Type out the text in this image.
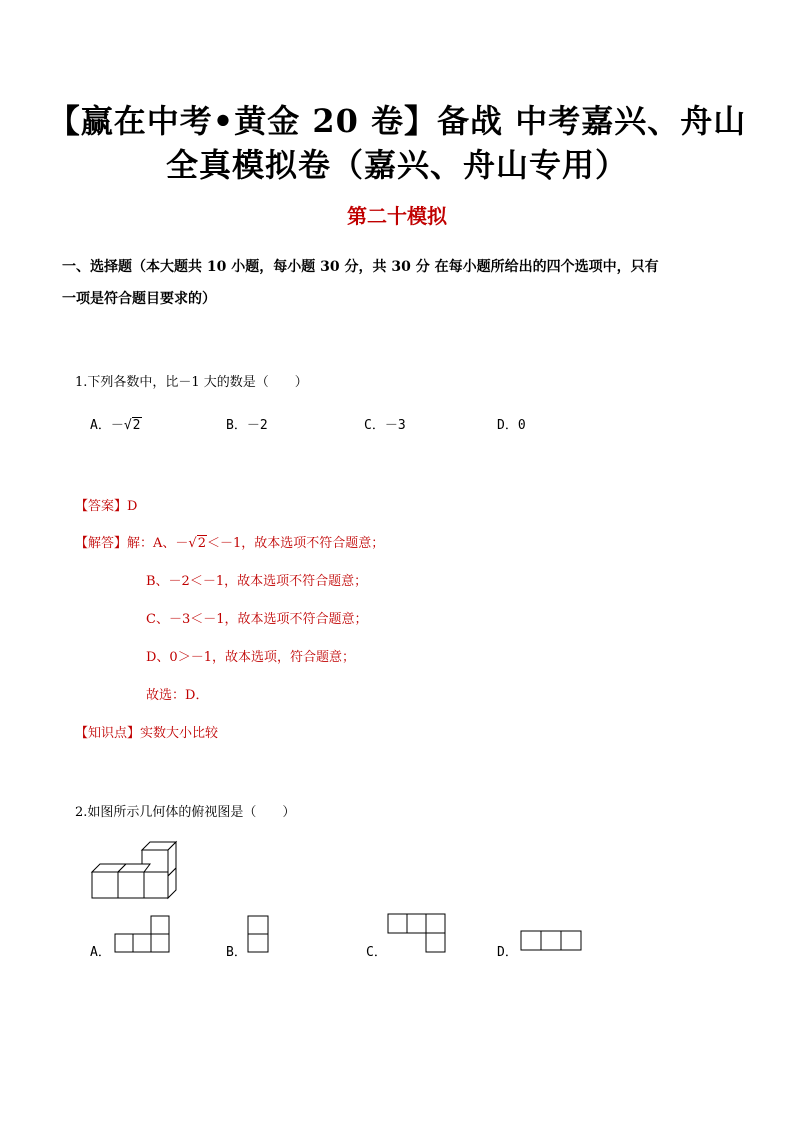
【赢在中考•黄金 20 卷】备战 中考嘉兴、舟山
全真模拟卷（嘉兴、舟山专用）
第二十模拟
一、选择题（本大题共 10 小题，每小题 30 分，共 30 分 在每小题所给出的四个选项中，只有
一项是符合题目要求的）
1.下列各数中，比－1 大的数是（　　）
A．－√2	B．－2	C．－3	D．0
【答案】D
【解答】解：A、－√2＜－1，故本选项不符合题意；
B、－2＜－1，故本选项不符合题意；
C、－3＜－1，故本选项不符合题意；
D、0＞－1，故本选项，符合题意；
故选：D．
【知识点】实数大小比较
2.如图所示几何体的俯视图是（　　）
A．	B．	C．	D．
